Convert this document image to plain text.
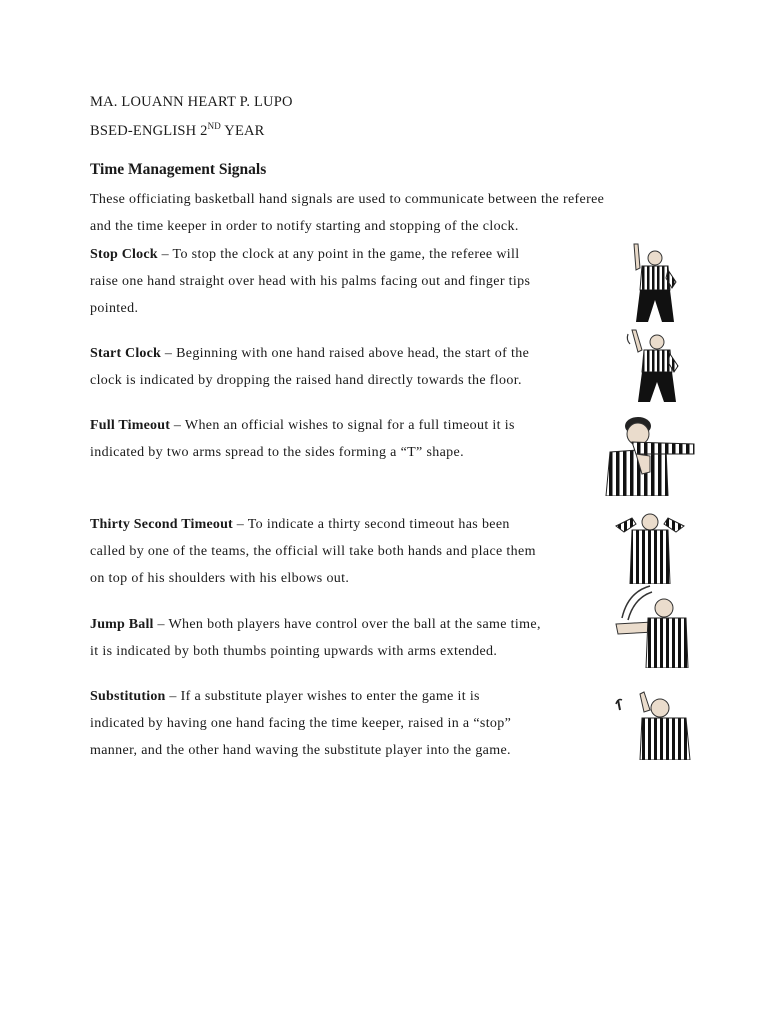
MA. LOUANN HEART P. LUPO
BSED-ENGLISH 2ND YEAR
Time Management Signals
These officiating basketball hand signals are used to communicate between the referee
and the time keeper in order to notify starting and stopping of the clock.
Stop Clock – To stop the clock at any point in the game, the referee will
raise one hand straight over head with his palms facing out and finger tips
pointed.
Start Clock – Beginning with one hand raised above head, the start of the
clock is indicated by dropping the raised hand directly towards the floor.
Full Timeout – When an official wishes to signal for a full timeout it is
indicated by two arms spread to the sides forming a “T” shape.
Thirty Second Timeout – To indicate a thirty second timeout has been
called by one of the teams, the official will take both hands and place them
on top of his shoulders with his elbows out.
Jump Ball – When both players have control over the ball at the same time,
it is indicated by both thumbs pointing upwards with arms extended.
Substitution – If a substitute player wishes to enter the game it is
indicated by having one hand facing the time keeper, raised in a “stop”
manner, and the other hand waving the substitute player into the game.
